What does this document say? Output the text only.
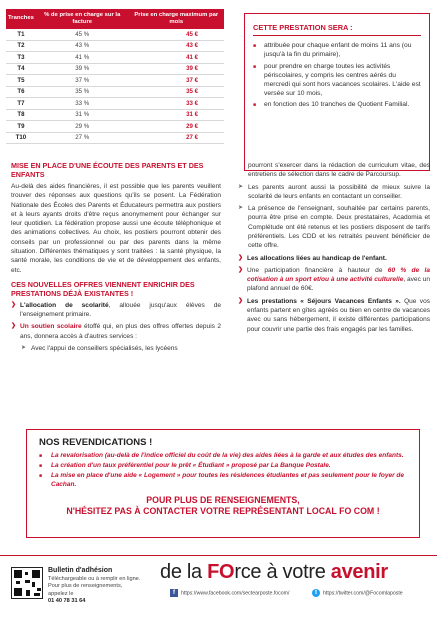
Tranches	% de prise en charge sur la facture	Prise en charge maximum par mois
T1	45 %	45 €
T2	43 %	43 €
T3	41 %	41 €
T4	39 %	39 €
T5	37 %	37 €
T6	35 %	35 €
T7	33 %	33 €
T8	31 %	31 €
T9	29 %	29 €
T10	27 %	27 €
CETTE PRESTATION SERA :
■ attribuée pour chaque enfant de moins 11 ans (ou jusqu'à la fin du primaire),
■ pour prendre en charge toutes les activités périscolaires, y compris les centres aérés du mercredi qui sont hors vacances scolaires. L'aide est versée sur 10 mois,
■ en fonction des 10 tranches de Quotient Familial.
MISE EN PLACE D'UNE ÉCOUTE DES PARENTS ET DES ENFANTS

Au-delà des aides financières, il est possible que les parents veuillent trouver des réponses aux questions qu'ils se posent. La Fédération Nationale des Écoles des Parents et Éducateurs permettra aux postiers et à leurs ayants droits d'être reçus anonymement pour échanger sur leur quotidien. La fédération propose aussi une écoute téléphonique et des animations collectives. Au choix, les postiers pourront obtenir des conseils par un professionnel ou par des parents dans la même situation. Différentes thématiques y sont traitées : la santé physique, la santé morale, les conditions de vie et de développement des enfants, etc.

CES NOUVELLES OFFRES VIENNENT ENRICHIR DES PRESTATIONS DÉJÀ EXISTANTES !

❯ L'allocation de scolarité, allouée jusqu'aux élèves de l'enseignement primaire.

❯ Un soutien scolaire étoffé qui, en plus des offres offertes depuis 2 ans, donnera accès à d'autres services :

➤ Avec l'appui de conseillers spécialisés, les lycéens

pourront s'exercer dans la rédaction de curriculum vitae, des entretiens de sélection dans le cadre de Parcoursup.

➤ Les parents auront aussi la possibilité de mieux suivre la scolarité de leurs enfants en contactant un conseiller.

➤ La présence de l'enseignant, souhaitée par certains parents, pourra être prise en compte. Deux prestataires, Acadomia et Complétude ont été retenus et les postiers disposent de tarifs préférentiels. Les CDD et les retraités peuvent bénéficier de cette offre.

❯ Les allocations liées au handicap de l'enfant.

❯ Une participation financière à hauteur de 60 % de la cotisation à un sport et/ou à une activité culturelle, avec un plafond annuel de 60€.

❯ Les prestations « Séjours Vacances Enfants ». Que vos enfants partent en gîtes agréés ou bien en centre de vacances avec ou sans hébergement, il existe différentes participations pour couvrir une partie des frais engagés par les familles.

NOS REVENDICATIONS !
■ La revalorisation (au-delà de l'indice officiel du coût de la vie) des aides liées à la garde et aux études des enfants.
■ La création d'un taux préférentiel pour le prêt « Étudiant » proposé par La Banque Postale.
■ La mise en place d'une aide « Logement » pour toutes les résidences étudiantes et pas seulement pour le foyer de Cachan.
POUR PLUS DE RENSEIGNEMENTS,
N'HÉSITEZ PAS À CONTACTER VOTRE REPRÉSENTANT LOCAL FO COM !
Bulletin d'adhésion
Téléchargeable ou à remplir en ligne. Pour plus de renseignements, appelez le
01 40 78 31 64
de la FOrce à votre avenir
f https://www.facebook.com/sectearposte.focom/	t https://twitter.com/@Focomlaposte
